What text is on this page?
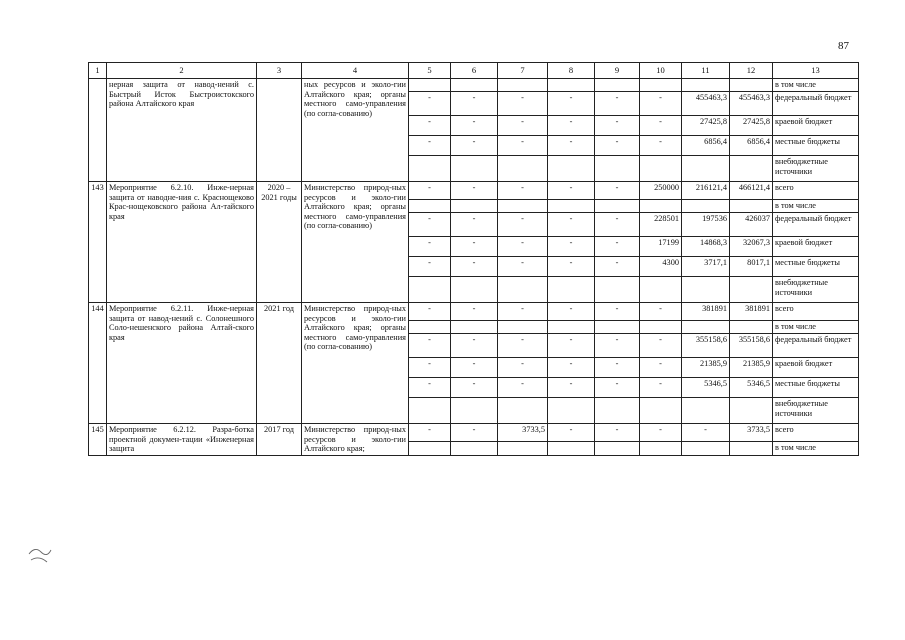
87
1	2	3	4	5	6	7	8	9	10	11	12	13
	нерная защита от навод-нений с. Быстрый Исток Быстроистокского района Алтайского края		ных ресурсов и эколо-гии Алтайского края; органы местного само-управления (по согла-сованию)									в том числе
				-	-	-	-	-	-	455463,3	455463,3	федеральный бюджет
				-	-	-	-	-	-	27425,8	27425,8	краевой бюджет
				-	-	-	-	-	-	6856,4	6856,4	местные бюджеты
												внебюджетные источники
143	Мероприятие 6.2.10. Инже-нерная защита от наводне-ния с. Краснощеково Крас-нощековского района Ал-тайского края	2020 – 2021 годы	Министерство природ-ных ресурсов и эколо-гии Алтайского края; органы местного само-управления (по согла-сованию)	-	-	-	-	-	250000	216121,4	466121,4	всего
												в том числе
				-	-	-	-	-	228501	197536	426037	федеральный бюджет
				-	-	-	-	-	17199	14868,3	32067,3	краевой бюджет
				-	-	-	-	-	4300	3717,1	8017,1	местные бюджеты
												внебюджетные источники
144	Мероприятие 6.2.11. Инже-нерная защита от навод-нений с. Солонешного Соло-нешенского района Алтай-ского края	2021 год	Министерство природ-ных ресурсов и эколо-гии Алтайского края; органы местного само-управления (по согла-сованию)	-	-	-	-	-	-	381891	381891	всего
												в том числе
				-	-	-	-	-	-	355158,6	355158,6	федеральный бюджет
				-	-	-	-	-	-	21385,9	21385,9	краевой бюджет
				-	-	-	-	-	-	5346,5	5346,5	местные бюджеты
												внебюджетные источники
145	Мероприятие 6.2.12. Разра-ботка проектной докумен-тации «Инженерная защита	2017 год	Министерство природ-ных ресурсов и эколо-гии Алтайского края;	-	-	3733,5	-	-	-	-	3733,5	всего
												в том числе
